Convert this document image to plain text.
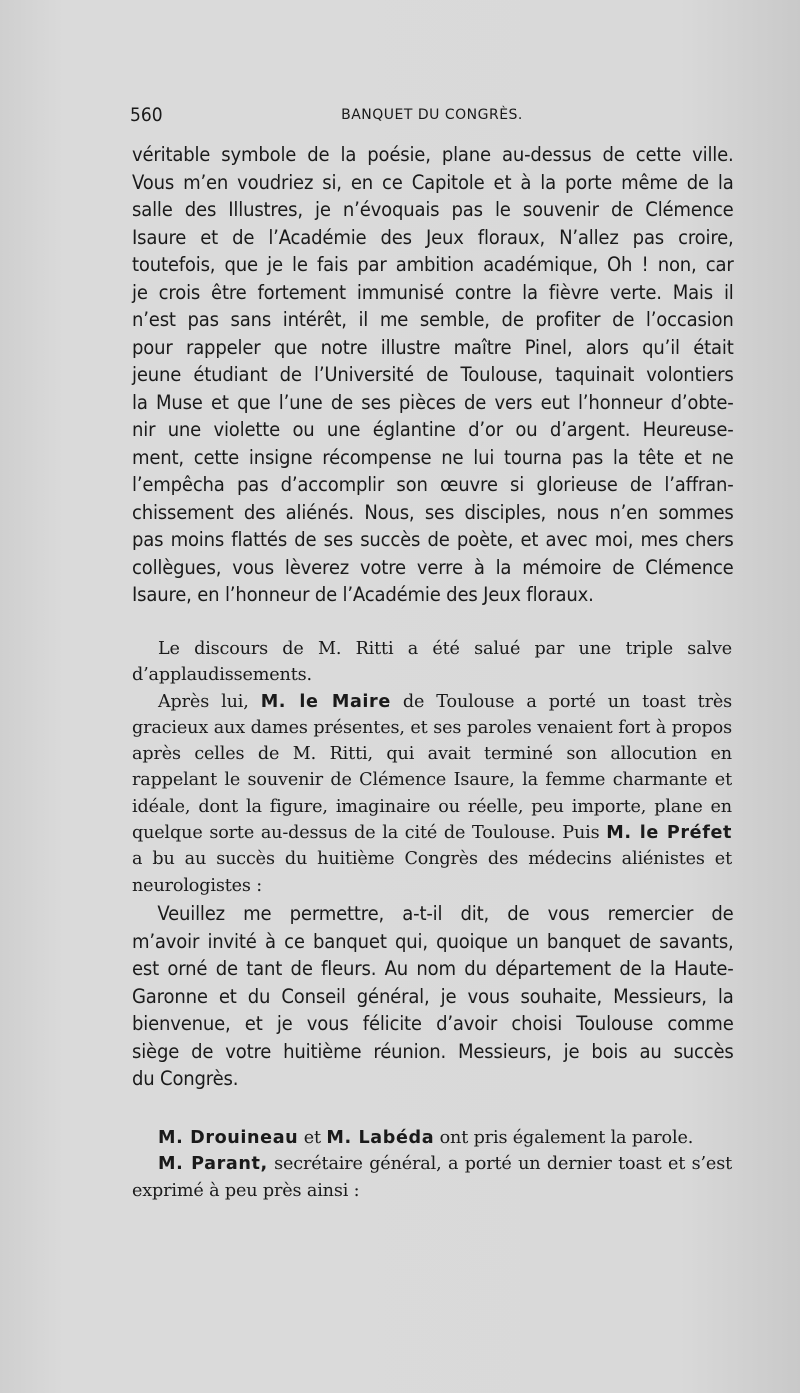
560	BANQUET DU CONGRÈS.
véritable symbole de la poésie, plane au-dessus de cette ville.
Vous m’en voudriez si, en ce Capitole et à la porte même de la
salle des Illustres, je n’évoquais pas le souvenir de Clémence
Isaure et de l’Académie des Jeux floraux, N’allez pas croire,
toutefois, que je le fais par ambition académique, Oh ! non, car
je crois être fortement immunisé contre la fièvre verte. Mais il
n’est pas sans intérêt, il me semble, de profiter de l’occasion
pour rappeler que notre illustre maître Pinel, alors qu’il était
jeune étudiant de l’Université de Toulouse, taquinait volontiers
la Muse et que l’une de ses pièces de vers eut l’honneur d’obte-
nir une violette ou une églantine d’or ou d’argent. Heureuse-
ment, cette insigne récompense ne lui tourna pas la tête et ne
l’empêcha pas d’accomplir son œuvre si glorieuse de l’affran-
chissement des aliénés. Nous, ses disciples, nous n’en sommes
pas moins flattés de ses succès de poète, et avec moi, mes chers
collègues, vous lèverez votre verre à la mémoire de Clémence
Isaure, en l’honneur de l’Académie des Jeux floraux.

Le discours de M. Ritti a été salué par une triple salve d’applaudissements.

Après lui, M. le Maire de Toulouse a porté un toast très gracieux aux dames présentes, et ses paroles venaient fort à propos après celles de M. Ritti, qui avait terminé son allocution en rappelant le souvenir de Clémence Isaure, la femme charmante et idéale, dont la figure, imaginaire ou réelle, peu importe, plane en quelque sorte au-dessus de la cité de Toulouse. Puis M. le Préfet a bu au succès du huitième Congrès des médecins aliénistes et neurologistes :

Veuillez me permettre, a-t-il dit, de vous remercier de
m’avoir invité à ce banquet qui, quoique un banquet de savants,
est orné de tant de fleurs. Au nom du département de la Haute-
Garonne et du Conseil général, je vous souhaite, Messieurs, la
bienvenue, et je vous félicite d’avoir choisi Toulouse comme
siège de votre huitième réunion. Messieurs, je bois au succès
du Congrès.

M. Drouineau et M. Labéda ont pris également la parole.

M. Parant, secrétaire général, a porté un dernier toast et s’est exprimé à peu près ainsi :
